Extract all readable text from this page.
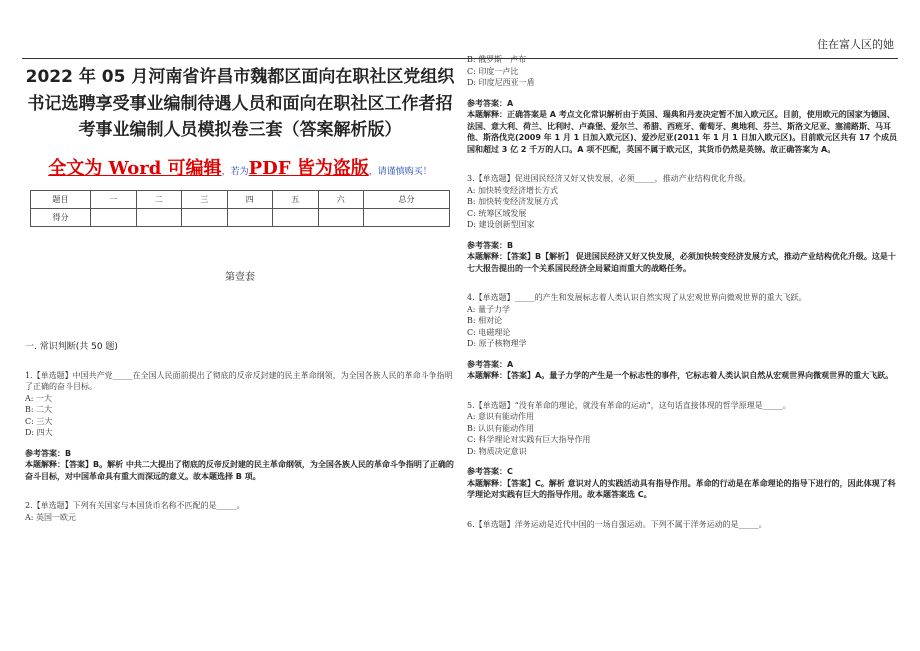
住在富人区的她
2022 年 05 月河南省许昌市魏都区面向在职社区党组织书记选聘享受事业编制待遇人员和面向在职社区工作者招考事业编制人员模拟卷三套（答案解析版）
全文为 Word 可编辑，若为PDF 皆为盗版，请谨慎购买！
题目	一	二	三	四	五	六	总分
得分							
第壹套
一. 常识判断(共 50 题)
1.【单选题】中国共产党_____在全国人民面前提出了彻底的反帝反封建的民主革命纲领，为全国各族人民的革命斗争指明了正确的奋斗目标。
A: 一大
B: 二大
C: 三大
D: 四大
参考答案：B
本题解释：【答案】B。解析 中共二大提出了彻底的反帝反封建的民主革命纲领，为全国各族人民的革命斗争指明了正确的奋斗目标，对中国革命具有重大而深远的意义。故本题选择 B 项。
2.【单选题】下列有关国家与本国货币名称不匹配的是_____。
A: 英国一欧元
B: 俄罗斯一卢布
C: 印度一卢比
D: 印度尼西亚一盾
参考答案：A
本题解释：正确答案是 A 考点文化常识解析由于英国、瑞典和丹麦决定暂不加入欧元区。目前，使用欧元的国家为德国、法国、意大利、荷兰、比利时、卢森堡、爱尔兰、希腊、西班牙、葡萄牙、奥地利、芬兰、斯洛文尼亚、塞浦路斯、马耳他、斯洛伐克(2009 年 1 月 1 日加入欧元区)、爱沙尼亚(2011 年 1 月 1 日加入欧元区)。目前欧元区共有 17 个成员国和超过 3 亿 2 千万的人口。A 项不匹配，英国不属于欧元区，其货币仍然是英镑。故正确答案为 A。
3.【单选题】促进国民经济又好又快发展，必须_____，推动产业结构优化升级。
A: 加快转变经济增长方式
B: 加快转变经济发展方式
C: 统筹区域发展
D: 建设创新型国家
参考答案：B
本题解释：【答案】B【解析】 促进国民经济又好又快发展，必须加快转变经济发展方式，推动产业结构优化升级。这是十七大报告提出的一个关系国民经济全局紧迫而重大的战略任务。
4.【单选题】_____的产生和发展标志着人类认识自然实现了从宏观世界向微观世界的重大飞跃。
A: 量子力学
B: 相对论
C: 电磁理论
D: 原子核物理学
参考答案：A
本题解释：【答案】A。量子力学的产生是一个标志性的事件，它标志着人类认识自然从宏观世界向微观世界的重大飞跃。
5.【单选题】“没有革命的理论，就没有革命的运动”，这句话直接体现的哲学原理是_____。
A: 意识有能动作用
B: 认识有能动作用
C: 科学理论对实践有巨大指导作用
D: 物质决定意识
参考答案：C
本题解释：【答案】C。解析 意识对人的实践活动具有指导作用。革命的行动是在革命理论的指导下进行的，因此体现了科学理论对实践有巨大的指导作用。故本题答案选 C。
6.【单选题】洋务运动是近代中国的一场自强运动。下列不属于洋务运动的是_____。
